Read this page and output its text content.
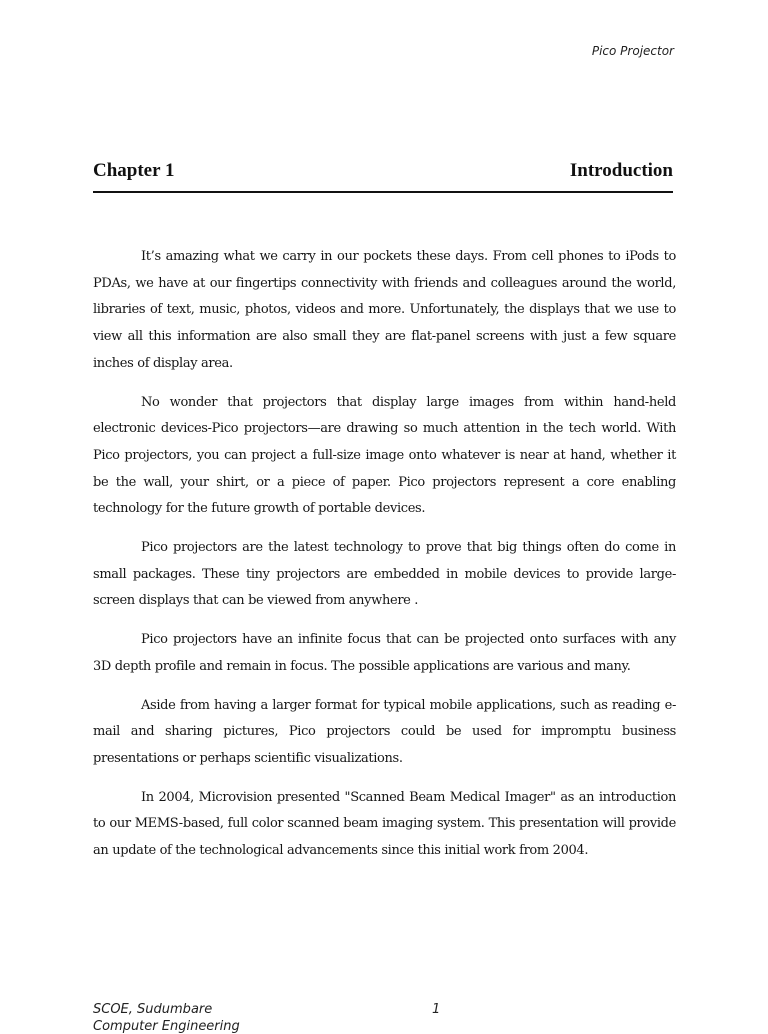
Pico Projector
Chapter 1	Introduction

It’s amazing what we carry in our pockets these days. From cell phones to iPods to PDAs, we have at our fingertips connectivity with friends and colleagues around the world, libraries of text, music, photos, videos and more. Unfortunately, the displays that we use to view all this information are also small they are flat-panel screens with just a few square inches of display area.

No wonder that projectors that display large images from within hand-held electronic devices-Pico projectors—are drawing so much attention in the tech world. With Pico projectors, you can project a full-size image onto whatever is near at hand, whether it be the wall, your shirt, or a piece of paper. Pico projectors represent a core enabling technology for the future growth of portable devices.

Pico projectors are the latest technology to prove that big things often do come in small packages. These tiny projectors are embedded in mobile devices to provide large-screen displays that can be viewed from anywhere .

Pico projectors have an infinite focus that can be projected onto surfaces with any 3D depth profile and remain in focus. The possible applications are various and many.

Aside from having a larger format for typical mobile applications, such as reading e-mail and sharing pictures, Pico projectors could be used for impromptu business presentations or perhaps scientific visualizations.

In 2004, Microvision presented "Scanned Beam Medical Imager" as an introduction to our MEMS-based, full color scanned beam imaging system. This presentation will provide an update of the technological advancements since this initial work from 2004.

SCOE, Sudumbare
Computer Engineering
1
